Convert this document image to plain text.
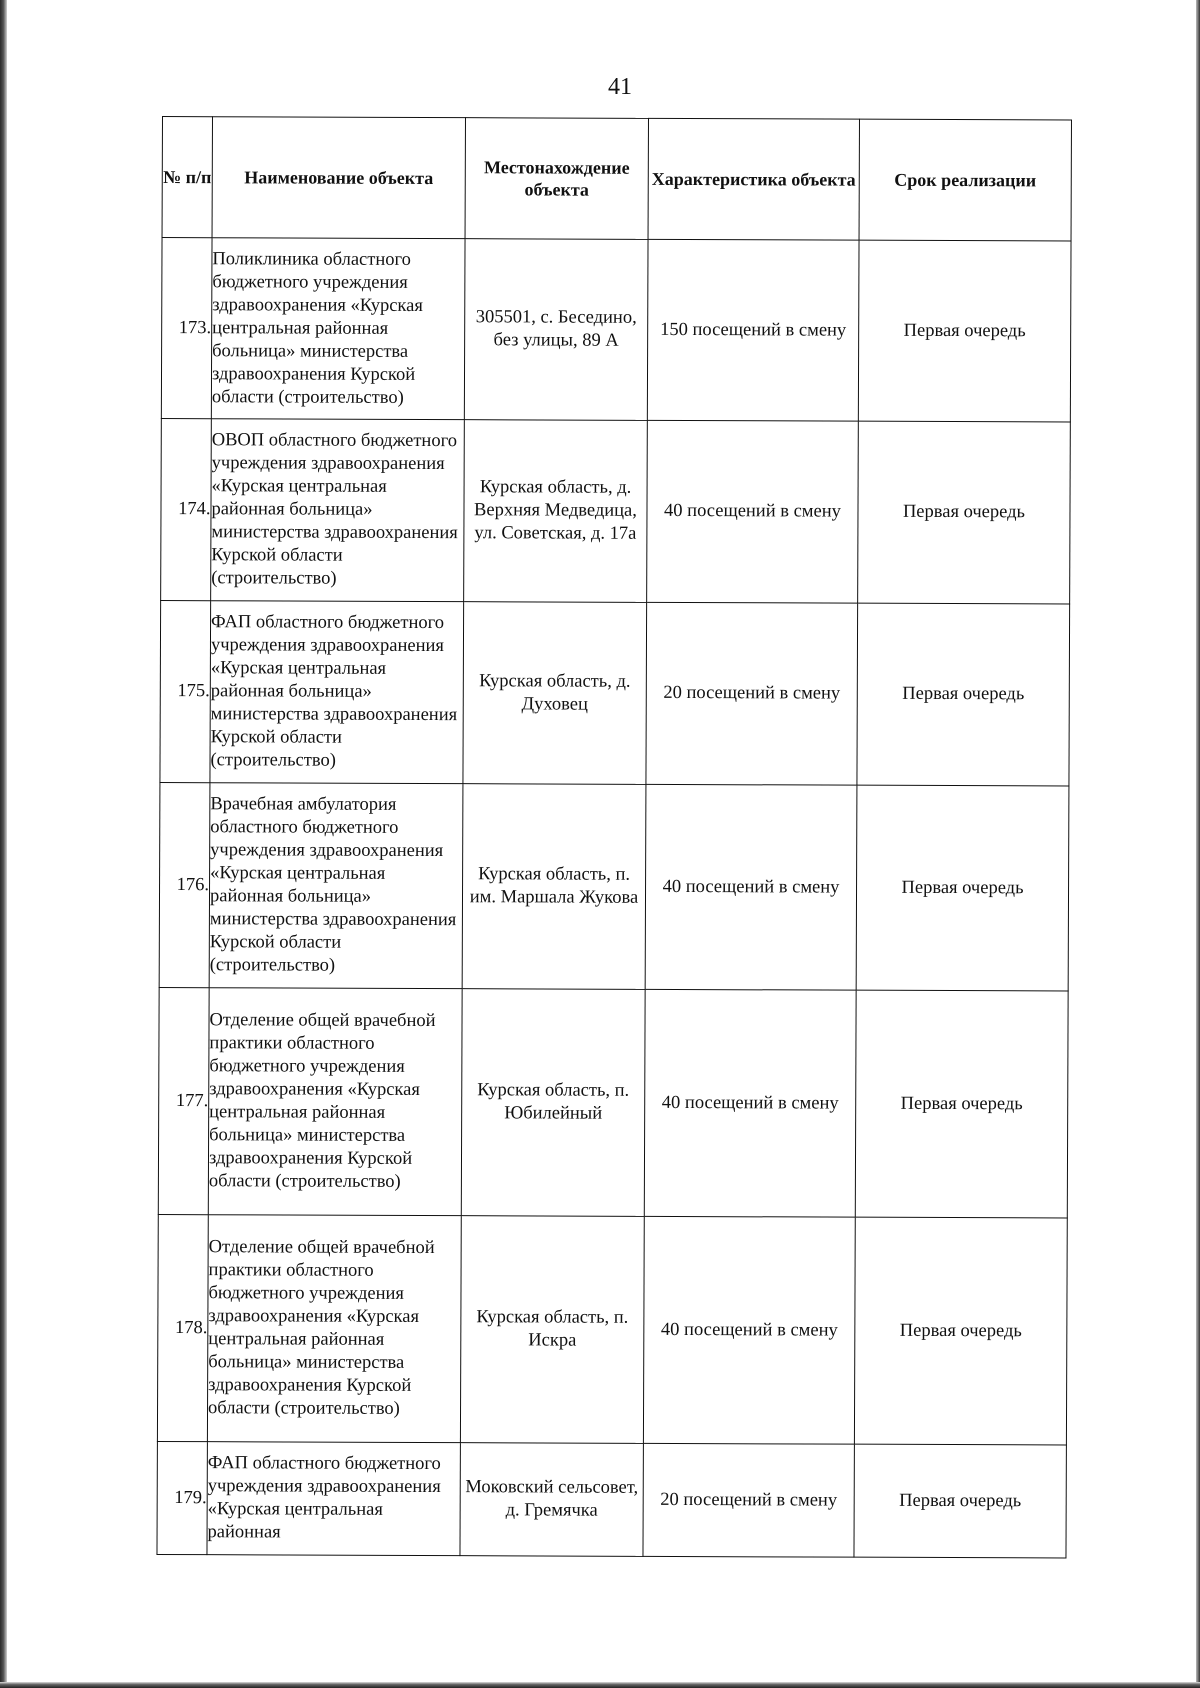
41
№ п/п	Наименование объекта	Местонахождение объекта	Характеристика объекта	Срок реализации
173.	Поликлиника областного бюджетного учреждения здравоохранения «Курская центральная районная больница» министерства здравоохранения Курской области (строительство)	305501, с. Беседино, без улицы, 89 А	150 посещений в смену	Первая очередь
174.	ОВОП областного бюджетного учреждения здравоохранения «Курская центральная районная больница» министерства здравоохранения Курской области (строительство)	Курская область, д. Верхняя Медведица, ул. Советская, д. 17а	40 посещений в смену	Первая очередь
175.	ФАП областного бюджетного учреждения здравоохранения «Курская центральная районная больница» министерства здравоохранения Курской области (строительство)	Курская область, д. Духовец	20 посещений в смену	Первая очередь
176.	Врачебная амбулатория областного бюджетного учреждения здравоохранения «Курская центральная районная больница» министерства здравоохранения Курской области (строительство)	Курская область, п. им. Маршала Жукова	40 посещений в смену	Первая очередь
177.	Отделение общей врачебной практики областного бюджетного учреждения здравоохранения «Курская центральная районная больница» министерства здравоохранения Курской области (строительство)	Курская область, п. Юбилейный	40 посещений в смену	Первая очередь
178.	Отделение общей врачебной практики областного бюджетного учреждения здравоохранения «Курская центральная районная больница» министерства здравоохранения Курской области (строительство)	Курская область, п. Искра	40 посещений в смену	Первая очередь
179.	ФАП областного бюджетного учреждения здравоохранения «Курская центральная районная	Моковский сельсовет, д. Гремячка	20 посещений в смену	Первая очередь
